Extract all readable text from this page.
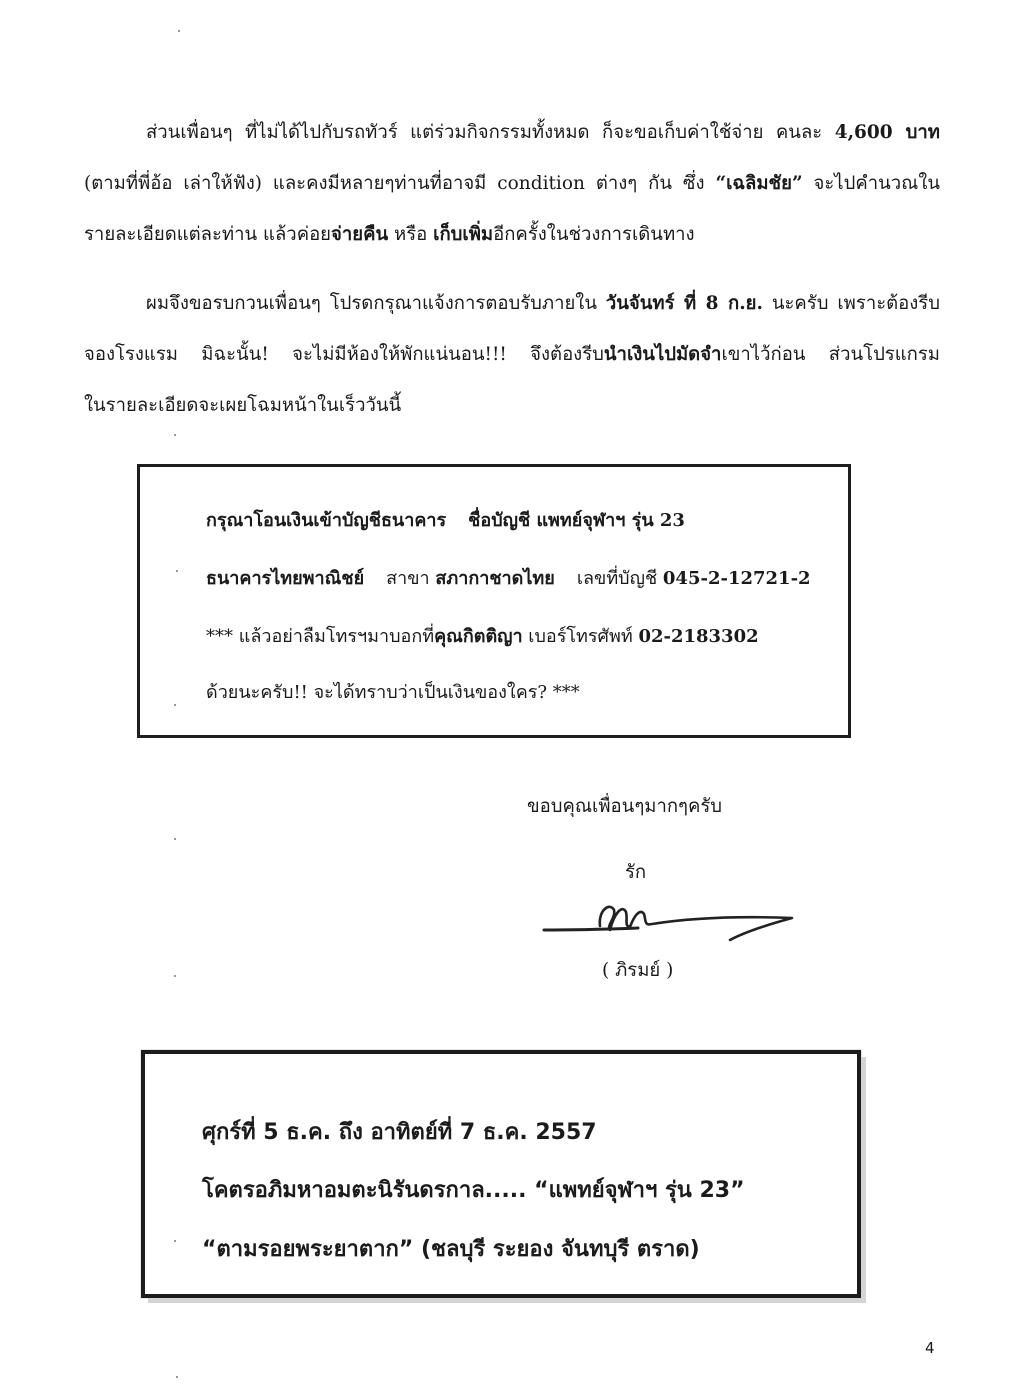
ส่วนเพื่อนๆ ที่ไม่ได้ไปกับรถทัวร์ แต่ร่วมกิจกรรมทั้งหมด ก็จะขอเก็บค่าใช้จ่าย คนละ 4,600 บาท
(ตามที่พี่อ้อ เล่าให้ฟัง) และคงมีหลายๆท่านที่อาจมี condition ต่างๆ กัน ซึ่ง “เฉลิมชัย” จะไปคำนวณใน
รายละเอียดแต่ละท่าน แล้วค่อยจ่ายคืน หรือ เก็บเพิ่มอีกครั้งในช่วงการเดินทาง
ผมจึงขอรบกวนเพื่อนๆ โปรดกรุณาแจ้งการตอบรับภายใน วันจันทร์ ที่ 8 ก.ย. นะครับ เพราะต้องรีบ
จองโรงแรม มิฉะนั้น! จะไม่มีห้องให้พักแน่นอน!!! จึงต้องรีบนำเงินไปมัดจำเขาไว้ก่อน ส่วนโปรแกรม
ในรายละเอียดจะเผยโฉมหน้าในเร็ววันนี้
กรุณาโอนเงินเข้าบัญชีธนาคาร ชื่อบัญชี แพทย์จุฬาฯ รุ่น 23
ธนาคารไทยพาณิชย์ สาขา สภากาชาดไทย เลขที่บัญชี 045-2-12721-2
*** แล้วอย่าลืมโทรฯมาบอกที่คุณกิตติญา เบอร์โทรศัพท์ 02-2183302
ด้วยนะครับ!! จะได้ทราบว่าเป็นเงินของใคร? ***
ขอบคุณเพื่อนๆมากๆครับ
รัก
( ภิรมย์ )
ศุกร์ที่ 5 ธ.ค. ถึง อาทิตย์ที่ 7 ธ.ค. 2557
โคตรอภิมหาอมตะนิรันดรกาล..... “แพทย์จุฬาฯ รุ่น 23”
“ตามรอยพระยาตาก” (ชลบุรี ระยอง จันทบุรี ตราด)
4
